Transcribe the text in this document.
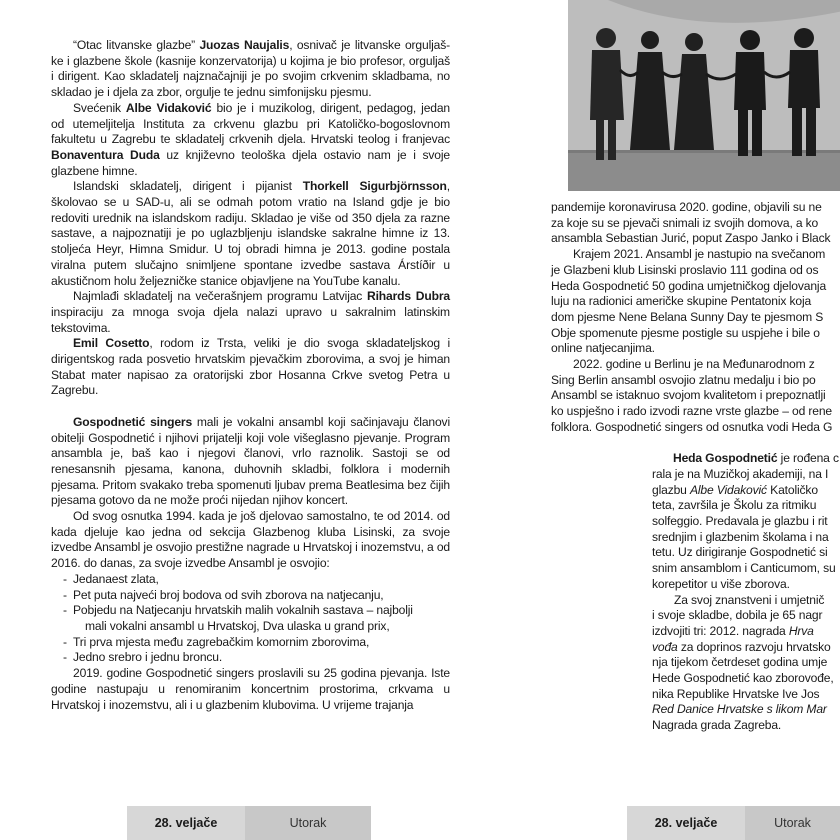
“Otac litvanske glazbe” Juozas Naujalis, osnivač je litvanske orgulјaš-ke i glazbene škole (kasnije konzervatorija) u kojima je bio profesor, orguljaš i dirigent. Kao skladatelj najznačajniji je po svojim crkvenim skladbama, no skladao je i djela za zbor, orgulje te jednu simfonijsku pjesmu.

Svećenik Albe Vidaković bio je i muzikolog, dirigent, pedagog, jedan od utemeljitelja Instituta za crkvenu glazbu pri Katoličko-bogoslovnom fakultetu u Zagrebu te skladatelj crkvenih djela. Hrvatski teolog i franjevac Bonaventura Duda uz književno teološka djela ostavio nam je i svoje glazbene himne.

Islandski skladatelj, dirigent i pijanist Thorkell Sigurbjörnsson, školovao se u SAD-u, ali se odmah potom vratio na Island gdje je bio redoviti urednik na islandskom radiju. Skladao je više od 350 djela za razne sastave, a najpoznatiji je po uglazbljenju islandske sakralne himne iz 13. stoljeća Heyr, Himna Smidur. U toj obradi himna je 2013. godine postala viralna putem slučajno snimljene spontane izvedbe sastava Árstíðir u akustičnom holu željezničke stanice objavljene na YouTube kanalu.

Najmlađi skladatelj na večerašnjem programu Latvijac Rihards Dubra inspiraciju za mnoga svoja djela nalazi upravo u sakralnim latinskim tekstovima.

Emil Cosetto, rodom iz Trsta, veliki je dio svoga skladateljskog i dirigentskog rada posvetio hrvatskim pjevačkim zborovima, a svoj je himan Stabat mater napisao za oratorijski zbor Hosanna Crkve svetog Petra u Zagrebu.

Gospodnetić singers mali je vokalni ansambl koji sačinjavaju članovi obitelji Gospodnetić i njihovi prijatelji koji vole višeglasno pjevanje. Program ansambla je, baš kao i njegovi članovi, vrlo raznolik. Sastoji se od renesansnih pjesama, kanona, duhovnih skladbi, folklora i modernih pjesama. Pritom svakako treba spomenuti ljubav prema Beatlesima bez čijih pjesama gotovo da ne može proći nijedan njihov koncert.

Od svog osnutka 1994. kada je još djelovao samostalno, te od 2014. od kada djeluje kao jedna od sekcija Glazbenog kluba Lisinski, za svoje izvedbe Ansambl je osvojio prestižne nagrade u Hrvatskoj i inozemstvu, a od 2016. do danas, za svoje izvedbe Ansambl je osvojio:

- Jedanaest zlata,
- Pet puta najveći broj bodova od svih zborova na natjecanju,
- Pobjedu na Natjecanju hrvatskih malih vokalnih sastava – najbolji
mali vokalni ansambl u Hrvatskoj, Dva ulaska u grand prix,
- Tri prva mjesta među zagrebačkim komornim zborovima,
- Jedno srebro i jednu broncu.

2019. godine Gospodnetić singers proslavili su 25 godina pjevanja. Iste godine nastupaju u renomiranim koncertnim prostorima, crkvama u Hrvatskoj i inozemstvu, ali i u glazbenim klubovima. U vrijeme trajanja

pandemije koronavirusa 2020. godine, objavili su ne

za koje su se pjevači snimali iz svojih domova, a ko

ansambla Sebastian Jurić, poput Zaspo Janko i Black

Krajem 2021. Ansambl je nastupio na svečanom

je Glazbeni klub Lisinski proslavio 111 godina od os

Heda Gospodnetić 50 godina umjetničkog djelovanja

luju na radionici američke skupine Pentatonix koja

dom pjesme Nene Belana Sunny Day te pjesmom S

Obje spomenute pjesme postigle su uspjehe i bile o

online natjecanjima.

2022. godine u Berlinu je na Međunarodnom z

Sing Berlin ansambl osvojio zlatnu medalju i bio po

Ansambl se istaknuo svojom kvalitetom i prepoznatlji

ko uspješno i rado izvodi razne vrste glazbe – od rene

folklora. Gospodnetić singers od osnutka vodi Heda G

Heda Gospodnetić je rođena c

rala je na Muzičkoj akademiji, na I

glazbu Albe Vidaković Katoličko

teta, završila je Školu za ritmiku

solfeggio. Predavala je glazbu i rit

srednjim i glazbenim školama i na

tetu. Uz dirigiranje Gospodnetić si

snim ansamblom i Canticumom, su

korepetitor u više zborova.

Za svoj znanstveni i umjetnič

i svoje skladbe, dobila je 65 nagr

izdvojiti tri: 2012. nagrada Hrva

vođa za doprinos razvoju hrvatsko

nja tijekom četrdeset godina umje

Hede Gospodnetić kao zborovođe,

nika Republike Hrvatske Ive Jos

Red Danice Hrvatske s likom Mar

Nagrada grada Zagreba.

28. veljače	Utorak	28. veljače	Utorak
